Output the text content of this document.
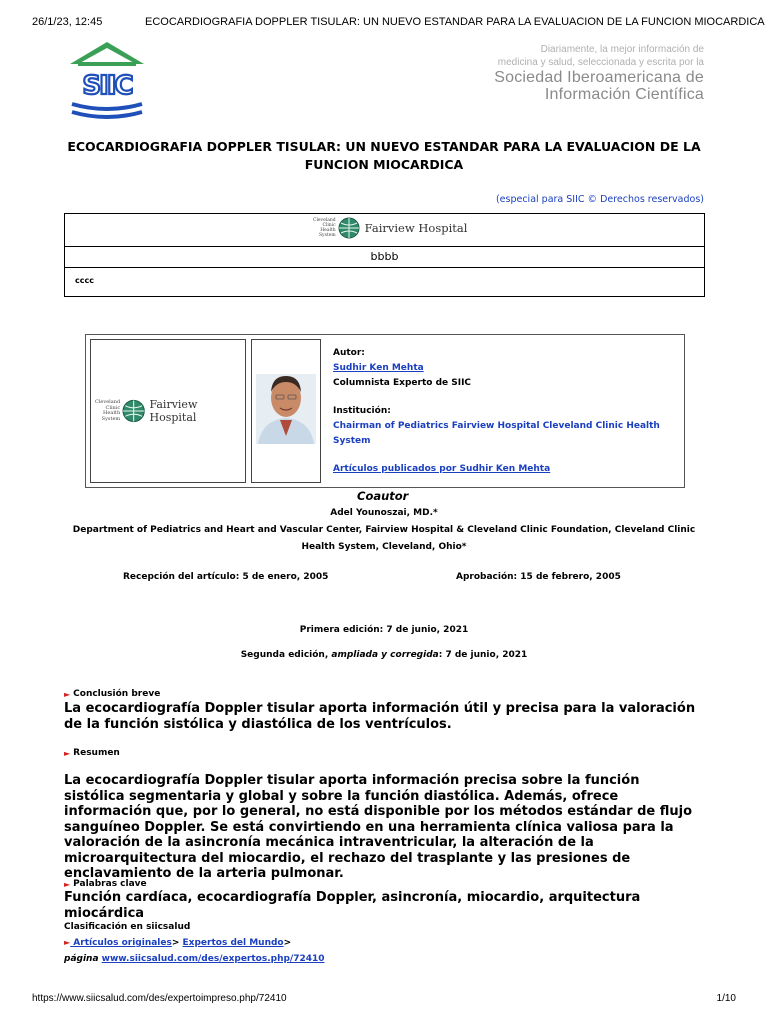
26/1/23, 12:45	ECOCARDIOGRAFIA DOPPLER TISULAR: UN NUEVO ESTANDAR PARA LA EVALUACION DE LA FUNCION MIOCARDICA
SIIC
Diariamente, la mejor información de
medicina y salud, seleccionada y escrita por la
Sociedad Iberoamericana de
Información Científica
ECOCARDIOGRAFIA DOPPLER TISULAR: UN NUEVO ESTANDAR PARA LA EVALUACION DE LA FUNCION MIOCARDICA
(especial para SIIC © Derechos reservados)
Cleveland
Clinic
Health
System
Fairview Hospital
bbbb
cccc
Cleveland
Clinic
Health
System
Fairview Hospital
Autor:
Sudhir Ken Mehta
Columnista Experto de SIIC
Institución:
Chairman of Pediatrics Fairview Hospital Cleveland Clinic Health System
Artículos publicados por Sudhir Ken Mehta
Coautor
Adel Younoszai, MD.*
Department of Pediatrics and Heart and Vascular Center, Fairview Hospital & Cleveland Clinic Foundation, Cleveland Clinic Health System, Cleveland, Ohio*
Recepción del artículo: 5 de enero, 2005	Aprobación: 15 de febrero, 2005
Primera edición: 7 de junio, 2021
Segunda edición, ampliada y corregida: 7 de junio, 2021
► Conclusión breve
La ecocardiografía Doppler tisular aporta información útil y precisa para la valoración de la función sistólica y diastólica de los ventrículos.
► Resumen
La ecocardiografía Doppler tisular aporta información precisa sobre la función sistólica segmentaria y global y sobre la función diastólica. Además, ofrece información que, por lo general, no está disponible por los métodos estándar de flujo sanguíneo Doppler. Se está convirtiendo en una herramienta clínica valiosa para la valoración de la asincronía mecánica intraventricular, la alteración de la microarquitectura del miocardio, el rechazo del trasplante y las presiones de enclavamiento de la arteria pulmonar.
► Palabras clave
Función cardíaca, ecocardiografía Doppler, asincronía, miocardio, arquitectura miocárdica
Clasificación en siicsalud
► Artículos originales> Expertos del Mundo>
página www.siicsalud.com/des/expertos.php/72410
https://www.siicsalud.com/des/expertoimpreso.php/72410	1/10
